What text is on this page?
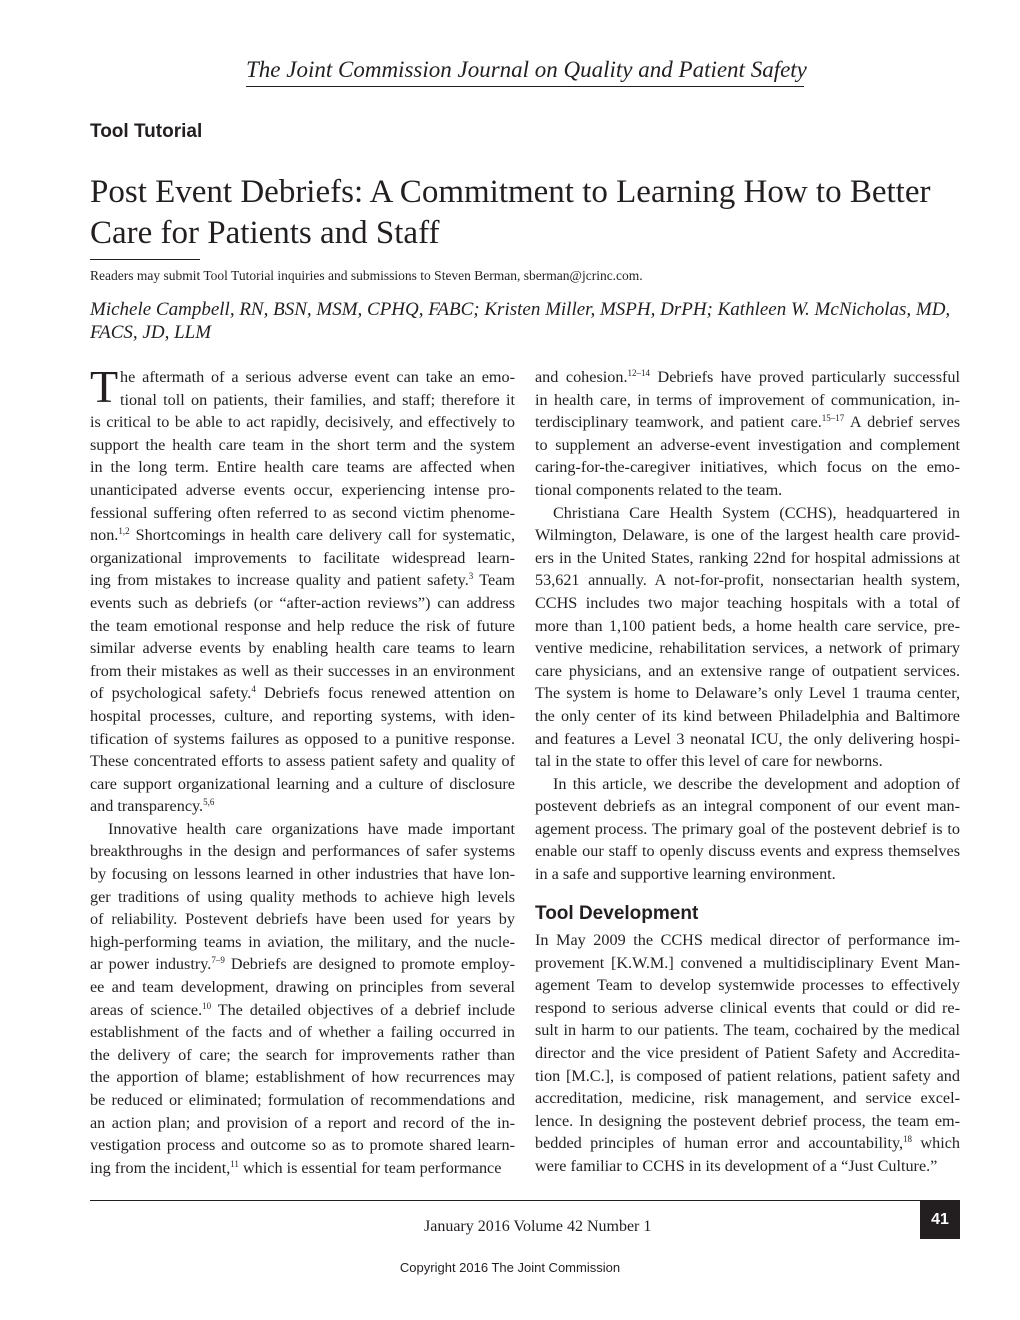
The Joint Commission Journal on Quality and Patient Safety
Tool Tutorial
Post Event Debriefs: A Commitment to Learning How to Better
Care for Patients and Staff
Readers may submit Tool Tutorial inquiries and submissions to Steven Berman, sberman@jcrinc.com.
Michele Campbell, RN, BSN, MSM, CPHQ, FABC; Kristen Miller, MSPH, DrPH; Kathleen W. McNicholas, MD,
FACS, JD, LLM
T he aftermath of a serious adverse event can take an emo-
tional toll on patients, their families, and staff; therefore it
is critical to be able to act rapidly, decisively, and effectively to
support the health care team in the short term and the system
in the long term. Entire health care teams are affected when
unanticipated adverse events occur, experiencing intense pro-
fessional suffering often referred to as second victim phenome-
non.$^{1,2}$ Shortcomings in health care delivery call for systematic,
organizational improvements to facilitate widespread learn-
ing from mistakes to increase quality and patient safety.$^3$ Team
events such as debriefs (or “after-action reviews”) can address
the team emotional response and help reduce the risk of future
similar adverse events by enabling health care teams to learn
from their mistakes as well as their successes in an environment
of psychological safety.$^4$ Debriefs focus renewed attention on
hospital processes, culture, and reporting systems, with iden-
tification of systems failures as opposed to a punitive response.
These concentrated efforts to assess patient safety and quality of
care support organizational learning and a culture of disclosure
and transparency.$^{5,6}$
Innovative health care organizations have made important
breakthroughs in the design and performances of safer systems
by focusing on lessons learned in other industries that have lon-
ger traditions of using quality methods to achieve high levels
of reliability. Postevent debriefs have been used for years by
high-performing teams in aviation, the military, and the nucle-
ar power industry.$^{7-9}$ Debriefs are designed to promote employ-
ee and team development, drawing on principles from several
areas of science.$^{10}$ The detailed objectives of a debrief include
establishment of the facts and of whether a failing occurred in
the delivery of care; the search for improvements rather than
the apportion of blame; establishment of how recurrences may
be reduced or eliminated; formulation of recommendations and
an action plan; and provision of a report and record of the in-
vestigation process and outcome so as to promote shared learn-
ing from the incident,$^{11}$ which is essential for team performance
and cohesion.$^{12-14}$ Debriefs have proved particularly successful
in health care, in terms of improvement of communication, in-
terdisciplinary teamwork, and patient care.$^{15-17}$ A debrief serves
to supplement an adverse-event investigation and complement
caring-for-the-caregiver initiatives, which focus on the emo-
tional components related to the team.
Christiana Care Health System (CCHS), headquartered in
Wilmington, Delaware, is one of the largest health care provid-
ers in the United States, ranking 22nd for hospital admissions at
53,621 annually. A not-for-profit, nonsectarian health system,
CCHS includes two major teaching hospitals with a total of
more than 1,100 patient beds, a home health care service, pre-
ventive medicine, rehabilitation services, a network of primary
care physicians, and an extensive range of outpatient services.
The system is home to Delaware’s only Level 1 trauma center,
the only center of its kind between Philadelphia and Baltimore
and features a Level 3 neonatal ICU, the only delivering hospi-
tal in the state to offer this level of care for newborns.
In this article, we describe the development and adoption of
postevent debriefs as an integral component of our event man-
agement process. The primary goal of the postevent debrief is to
enable our staff to openly discuss events and express themselves
in a safe and supportive learning environment.
Tool Development
In May 2009 the CCHS medical director of performance im-
provement [K.W.M.] convened a multidisciplinary Event Man-
agement Team to develop systemwide processes to effectively
respond to serious adverse clinical events that could or did re-
sult in harm to our patients. The team, cochaired by the medical
director and the vice president of Patient Safety and Accredita-
tion [M.C.], is composed of patient relations, patient safety and
accreditation, medicine, risk management, and service excel-
lence. In designing the postevent debrief process, the team em-
bedded principles of human error and accountability,$^{18}$ which
were familiar to CCHS in its development of a “Just Culture.”
January 2016 Volume 42 Number 1	41
Copyright 2016 The Joint Commission
